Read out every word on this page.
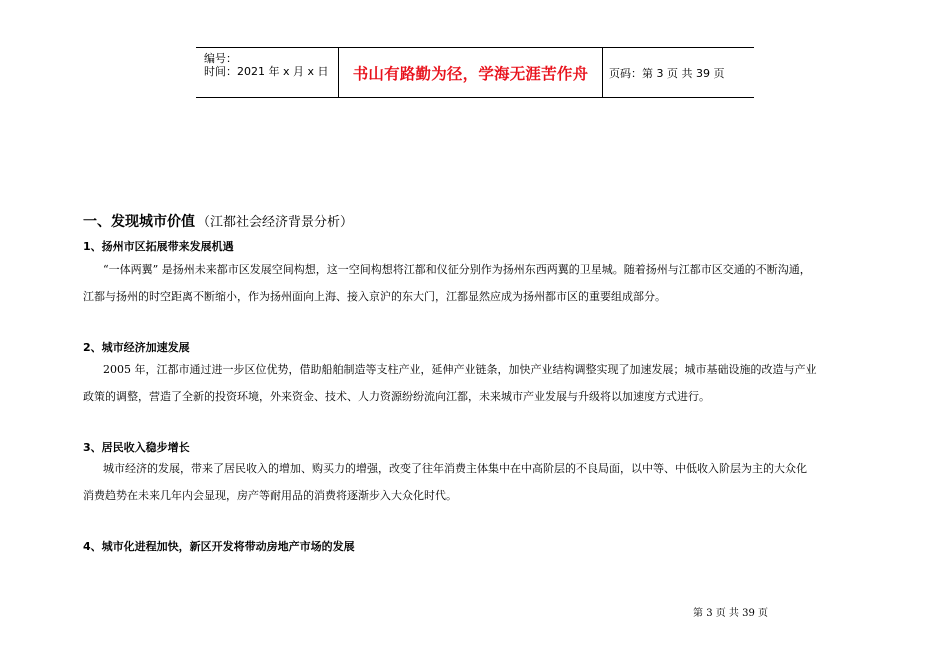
编号：
时间：2021 年 x 月 x 日	书山有路勤为径，学海无涯苦作舟	页码：第 3 页 共 39 页
一、发现城市价值 （江都社会经济背景分析）
1、扬州市区拓展带来发展机遇
“一体两翼” 是扬州未来都市区发展空间构想，这一空间构想将江都和仪征分别作为扬州东西两翼的卫星城。随着扬州与江都市区交通的不断沟通，
江都与扬州的时空距离不断缩小，作为扬州面向上海、接入京沪的东大门，江都显然应成为扬州都市区的重要组成部分。
2、城市经济加速发展
2005 年，江都市通过进一步区位优势，借助船舶制造等支柱产业，延伸产业链条，加快产业结构调整实现了加速发展；城市基础设施的改造与产业
政策的调整，营造了全新的投资环境，外来资金、技术、人力资源纷纷流向江都，未来城市产业发展与升级将以加速度方式进行。
3、居民收入稳步增长
城市经济的发展，带来了居民收入的增加、购买力的增强，改变了往年消费主体集中在中高阶层的不良局面，以中等、中低收入阶层为主的大众化
消费趋势在未来几年内会显现，房产等耐用品的消费将逐渐步入大众化时代。
4、城市化进程加快，新区开发将带动房地产市场的发展
第 3 页 共 39 页
